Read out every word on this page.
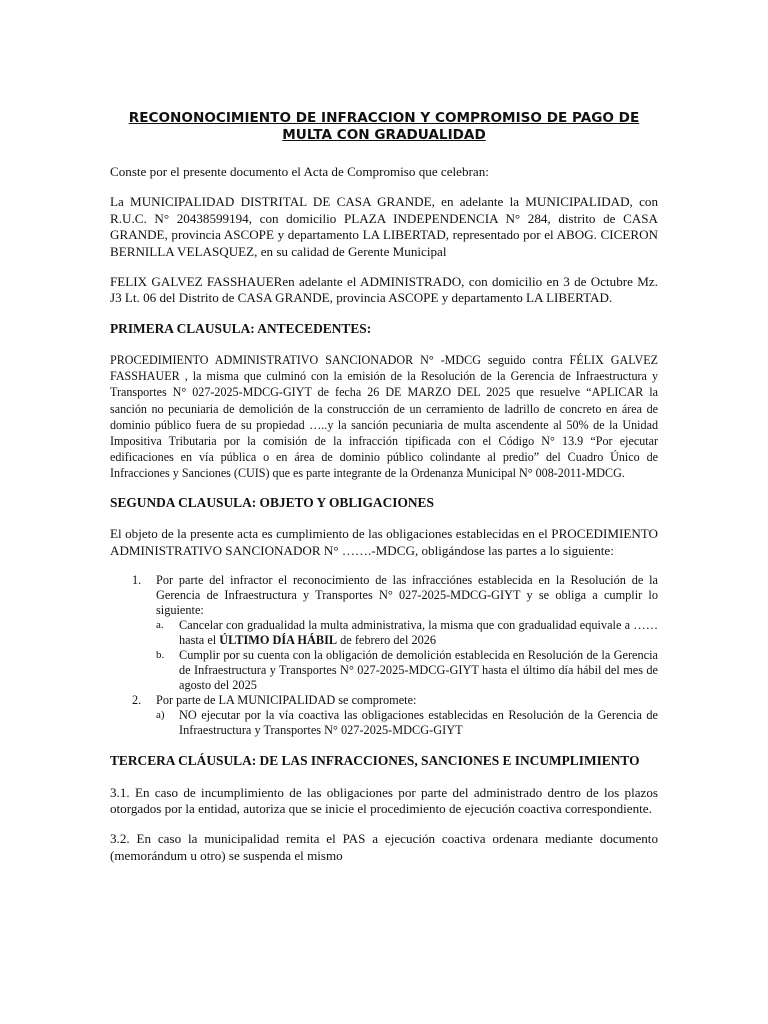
RECONONOCIMIENTO DE INFRACCION Y COMPROMISO DE PAGO DE MULTA CON GRADUALIDAD

Conste por el presente documento el Acta de Compromiso que celebran:

La MUNICIPALIDAD DISTRITAL DE CASA GRANDE, en adelante la MUNICIPALIDAD, con R.U.C. N° 20438599194, con domicilio PLAZA INDEPENDENCIA N° 284, distrito de CASA GRANDE, provincia ASCOPE y departamento LA LIBERTAD, representado por el ABOG. CICERON BERNILLA VELASQUEZ, en su calidad de Gerente Municipal

FELIX GALVEZ FASSHAUERen adelante el ADMINISTRADO, con domicilio en 3 de Octubre Mz. J3 Lt. 06 del Distrito de CASA GRANDE, provincia ASCOPE y departamento LA LIBERTAD.

PRIMERA CLAUSULA: ANTECEDENTES:

PROCEDIMIENTO ADMINISTRATIVO SANCIONADOR N° -MDCG seguido contra FÉLIX GALVEZ FASSHAUER , la misma que culminó con la emisión de la Resolución de la Gerencia de Infraestructura y Transportes N° 027-2025-MDCG-GIYT de fecha 26 DE MARZO DEL 2025 que resuelve “APLICAR la sanción no pecuniaria de demolición de la construcción de un cerramiento de ladrillo de concreto en área de dominio público fuera de su propiedad …..y la sanción pecuniaria de multa ascendente al 50% de la Unidad Impositiva Tributaria por la comisión de la infracción tipificada con el Código N° 13.9 “Por ejecutar edificaciones en vía pública o en área de dominio público colindante al predio” del Cuadro Único de Infracciones y Sanciones (CUIS) que es parte integrante de la Ordenanza Municipal N° 008-2011-MDCG.

SEGUNDA CLAUSULA: OBJETO Y OBLIGACIONES

El objeto de la presente acta es cumplimiento de las obligaciones establecidas en el PROCEDIMIENTO ADMINISTRATIVO SANCIONADOR N° …….-MDCG, obligándose las partes a lo siguiente:

1. Por parte del infractor el reconocimiento de las infracciónes establecida en la Resolución de la Gerencia de Infraestructura y Transportes N° 027-2025-MDCG-GIYT y se obliga a cumplir lo siguiente:
a. Cancelar con gradualidad la multa administrativa, la misma que con gradualidad equivale a …… hasta el ÚLTIMO DÍA HÁBIL de febrero del 2026
b. Cumplir por su cuenta con la obligación de demolición establecida en Resolución de la Gerencia de Infraestructura y Transportes N° 027-2025-MDCG-GIYT hasta el último día hábil del mes de agosto del 2025
2. Por parte de LA MUNICIPALIDAD se compromete:
a) NO ejecutar por la vía coactiva las obligaciones establecidas en Resolución de la Gerencia de Infraestructura y Transportes N° 027-2025-MDCG-GIYT

TERCERA CLÁUSULA: DE LAS INFRACCIONES, SANCIONES E INCUMPLIMIENTO

3.1. En caso de incumplimiento de las obligaciones por parte del administrado dentro de los plazos otorgados por la entidad, autoriza que se inicie el procedimiento de ejecución coactiva correspondiente.

3.2. En caso la municipalidad remita el PAS a ejecución coactiva ordenara mediante documento (memorándum u otro) se suspenda el mismo
